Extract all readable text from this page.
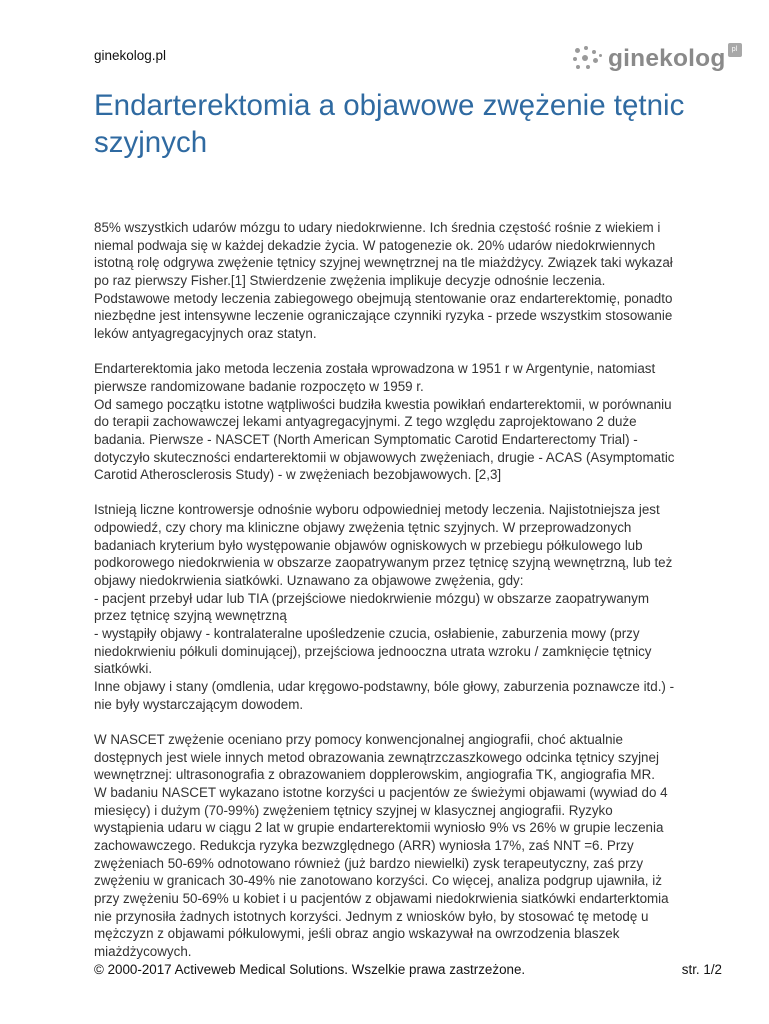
ginekolog.pl	ginekolog pl
Endarterektomia a objawowe zwężenie tętnic szyjnych
85% wszystkich udarów mózgu to udary niedokrwienne. Ich średnia częstość rośnie z wiekiem i
niemal podwaja się w każdej dekadzie życia. W patogenezie ok. 20% udarów niedokrwiennych
istotną rolę odgrywa zwężenie tętnicy szyjnej wewnętrznej na tle miażdżycy. Związek taki wykazał
po raz pierwszy Fisher.[1] Stwierdzenie zwężenia implikuje decyzje odnośnie leczenia.
Podstawowe metody leczenia zabiegowego obejmują stentowanie oraz endarterektomię, ponadto
niezbędne jest intensywne leczenie ograniczające czynniki ryzyka - przede wszystkim stosowanie
leków antyagregacyjnych oraz statyn.
Endarterektomia jako metoda leczenia została wprowadzona w 1951 r w Argentynie, natomiast
pierwsze randomizowane badanie rozpoczęto w 1959 r.
Od samego początku istotne wątpliwości budziła kwestia powikłań endarterektomii, w porównaniu
do terapii zachowawczej lekami antyagregacyjnymi. Z tego względu zaprojektowano 2 duże
badania. Pierwsze - NASCET (North American Symptomatic Carotid Endarterectomy Trial) -
dotyczyło skuteczności endarterektomii w objawowych zwężeniach, drugie - ACAS (Asymptomatic
Carotid Atherosclerosis Study) - w zwężeniach bezobjawowych. [2,3]
Istnieją liczne kontrowersje odnośnie wyboru odpowiedniej metody leczenia. Najistotniejsza jest
odpowiedź, czy chory ma kliniczne objawy zwężenia tętnic szyjnych. W przeprowadzonych
badaniach kryterium było występowanie objawów ogniskowych w przebiegu półkulowego lub
podkorowego niedokrwienia w obszarze zaopatrywanym przez tętnicę szyjną wewnętrzną, lub też
objawy niedokrwienia siatkówki. Uznawano za objawowe zwężenia, gdy:
- pacjent przebył udar lub TIA (przejściowe niedokrwienie mózgu) w obszarze zaopatrywanym
przez tętnicę szyjną wewnętrzną
- wystąpiły objawy - kontralateralne upośledzenie czucia, osłabienie, zaburzenia mowy (przy
niedokrwieniu półkuli dominującej), przejściowa jednooczna utrata wzroku / zamknięcie tętnicy
siatkówki.
Inne objawy i stany (omdlenia, udar kręgowo-podstawny, bóle głowy, zaburzenia poznawcze itd.) -
nie były wystarczającym dowodem.
W NASCET zwężenie oceniano przy pomocy konwencjonalnej angiografii, choć aktualnie
dostępnych jest wiele innych metod obrazowania zewnątrzczaszkowego odcinka tętnicy szyjnej
wewnętrznej: ultrasonografia z obrazowaniem dopplerowskim, angiografia TK, angiografia MR.
W badaniu NASCET wykazano istotne korzyści u pacjentów ze świeżymi objawami (wywiad do 4
miesięcy) i dużym (70-99%) zwężeniem tętnicy szyjnej w klasycznej angiografii. Ryzyko
wystąpienia udaru w ciągu 2 lat w grupie endarterektomii wyniosło 9% vs 26% w grupie leczenia
zachowawczego. Redukcja ryzyka bezwzględnego (ARR) wyniosła 17%, zaś NNT =6. Przy
zwężeniach 50-69% odnotowano również (już bardzo niewielki) zysk terapeutyczny, zaś przy
zwężeniu w granicach 30-49% nie zanotowano korzyści. Co więcej, analiza podgrup ujawniła, iż
przy zwężeniu 50-69% u kobiet i u pacjentów z objawami niedokrwienia siatkówki endarterktomia
nie przynosiła żadnych istotnych korzyści. Jednym z wniosków było, by stosować tę metodę u
mężczyzn z objawami półkulowymi, jeśli obraz angio wskazywał na owrzodzenia blaszek
miażdżycowych.
© 2000-2017 Activeweb Medical Solutions. Wszelkie prawa zastrzeżone.	str. 1/2
